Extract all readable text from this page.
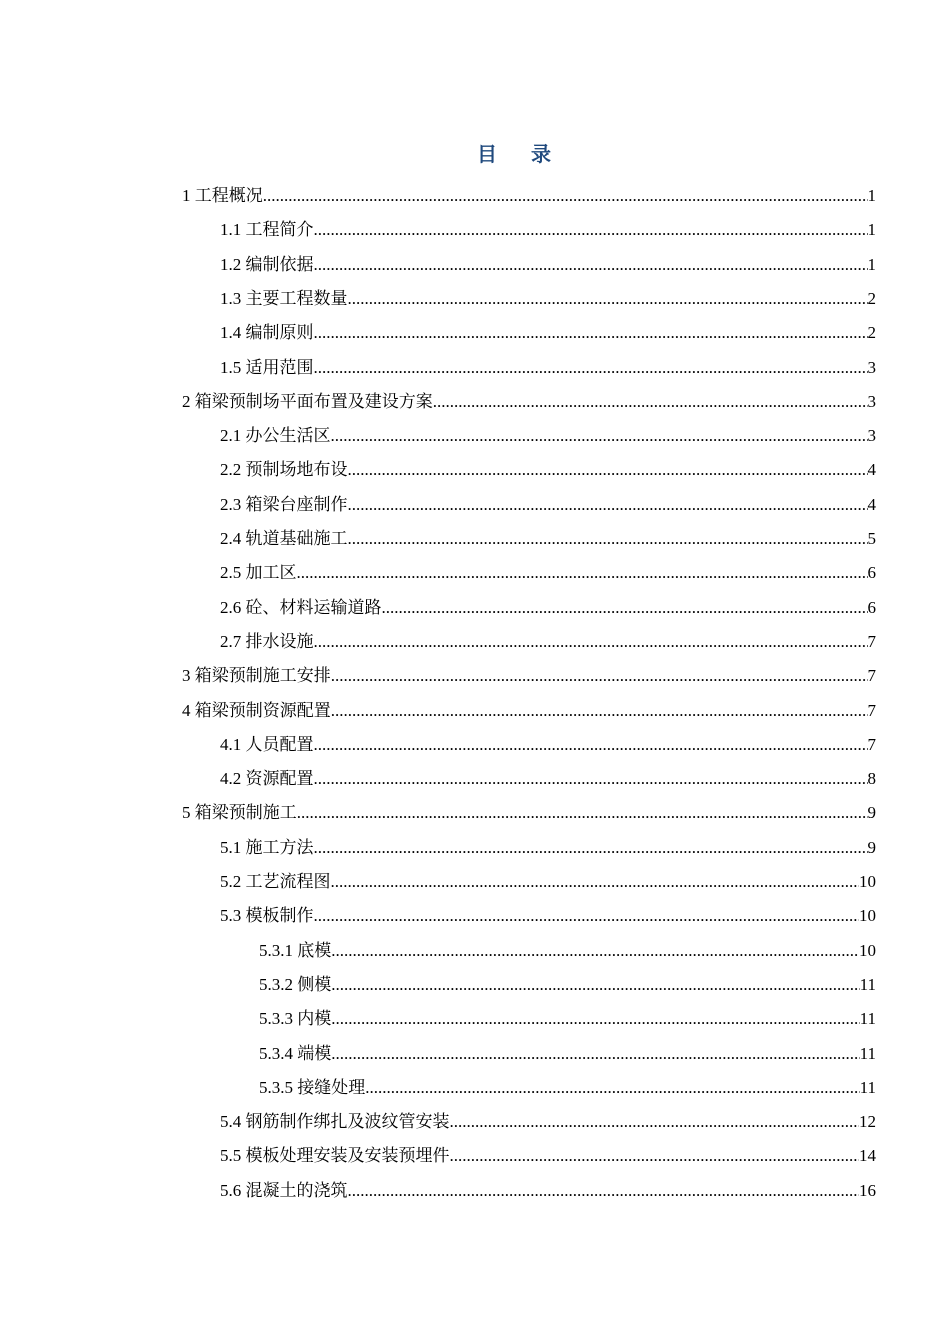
目录
1 工程概况 .....	1
1.1 工程简介 .....	1
1.2 编制依据 .....	1
1.3 主要工程数量 .....	2
1.4 编制原则 .....	2
1.5 适用范围 .....	3
2 箱梁预制场平面布置及建设方案 .....	3
2.1 办公生活区 .....	3
2.2 预制场地布设 .....	4
2.3 箱梁台座制作 .....	4
2.4 轨道基础施工 .....	5
2.5 加工区 .....	6
2.6 砼、材料运输道路 .....	6
2.7 排水设施 .....	7
3 箱梁预制施工安排 .....	7
4 箱梁预制资源配置 .....	7
4.1 人员配置 .....	7
4.2 资源配置 .....	8
5 箱梁预制施工 .....	9
5.1 施工方法 .....	9
5.2 工艺流程图 .....	10
5.3 模板制作 .....	10
5.3.1 底模 .....	10
5.3.2 侧模 .....	11
5.3.3 内模 .....	11
5.3.4 端模 .....	11
5.3.5 接缝处理 .....	11
5.4 钢筋制作绑扎及波纹管安装 .....	12
5.5 模板处理安装及安装预埋件 .....	14
5.6 混凝土的浇筑 .....	16
